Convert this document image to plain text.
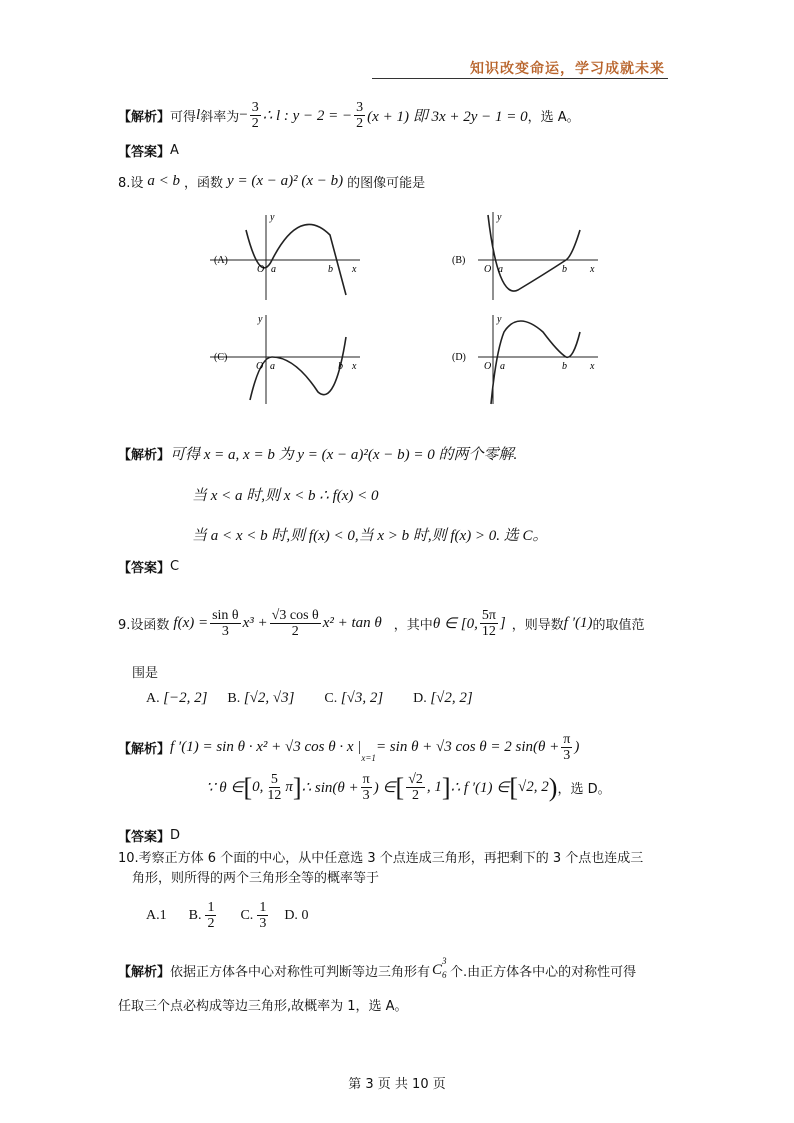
知识改变命运，学习成就未来
【解析】 可得 l 斜率为 − $\frac{3}{2}$ ∴ l : y − 2 = − $\frac{3}{2} (x + 1)$ 即 3x + 2y − 1 = 0 ，选 A。
【答案】 A
8.设 a < b ，函数 y = (x − a)² (x − b) 的图像可能是
(A)
O a	b x
y
(B)
O a	b x
y
(C)
O a	b x
y
(D)
O a	b x
y
【解析】 可得 x = a, x = b 为 y = (x − a)²(x − b) = 0 的两个零解.
当 x < a 时,则 x < b ∴ f(x) < 0
当 a < x < b 时,则 f(x) < 0,当 x > b 时,则 f(x) > 0. 选 C。
【答案】 C
9.设函数 $f(x) = \frac{\text{sin θ}}{3} x^3 + \frac{\text{√3 cos θ}}{2} x^2 + \tan \theta$ ，其中 θ ∈ [0, $\frac{5\pi}{12}$ ] ，则导数 f ′(1) 的取值范
围是
A. [−2, 2] B. [√2, √3] C. [√3, 2] D. [√2, 2]
【解析】 f ′(1) = sin θ · x² + √3 cos θ · x |
x=1
= sin θ + √3 cos θ = 2 $\sin(\theta + \frac{\pi}{3}$ )
∵ θ ∈ [ 0, $\frac{5}{12}$ π ] ∴ $\sin(\theta + \frac{\pi}{3}$ ) ∈ [ $\frac{√2}{2}$ , 1 ] ∴ f ′(1) ∈ [ √2, 2 ) ，选 D。
【答案】 D
10.考察正方体 6 个面的中心，从中任意选 3 个点连成三角形，再把剩下的 3 个点也连成三
角形，则所得的两个三角形全等的概率等于
A.1 B. $\frac{1}{2} C$. $\frac{1}{3} D$. 0
【解析】 依据正方体各中心对称性可判断等边三角形有 C
3
6 个.由正方体各中心的对称性可得
任取三个点必构成等边三角形,故概率为 1，选 A。
第 3 页 共 10 页
